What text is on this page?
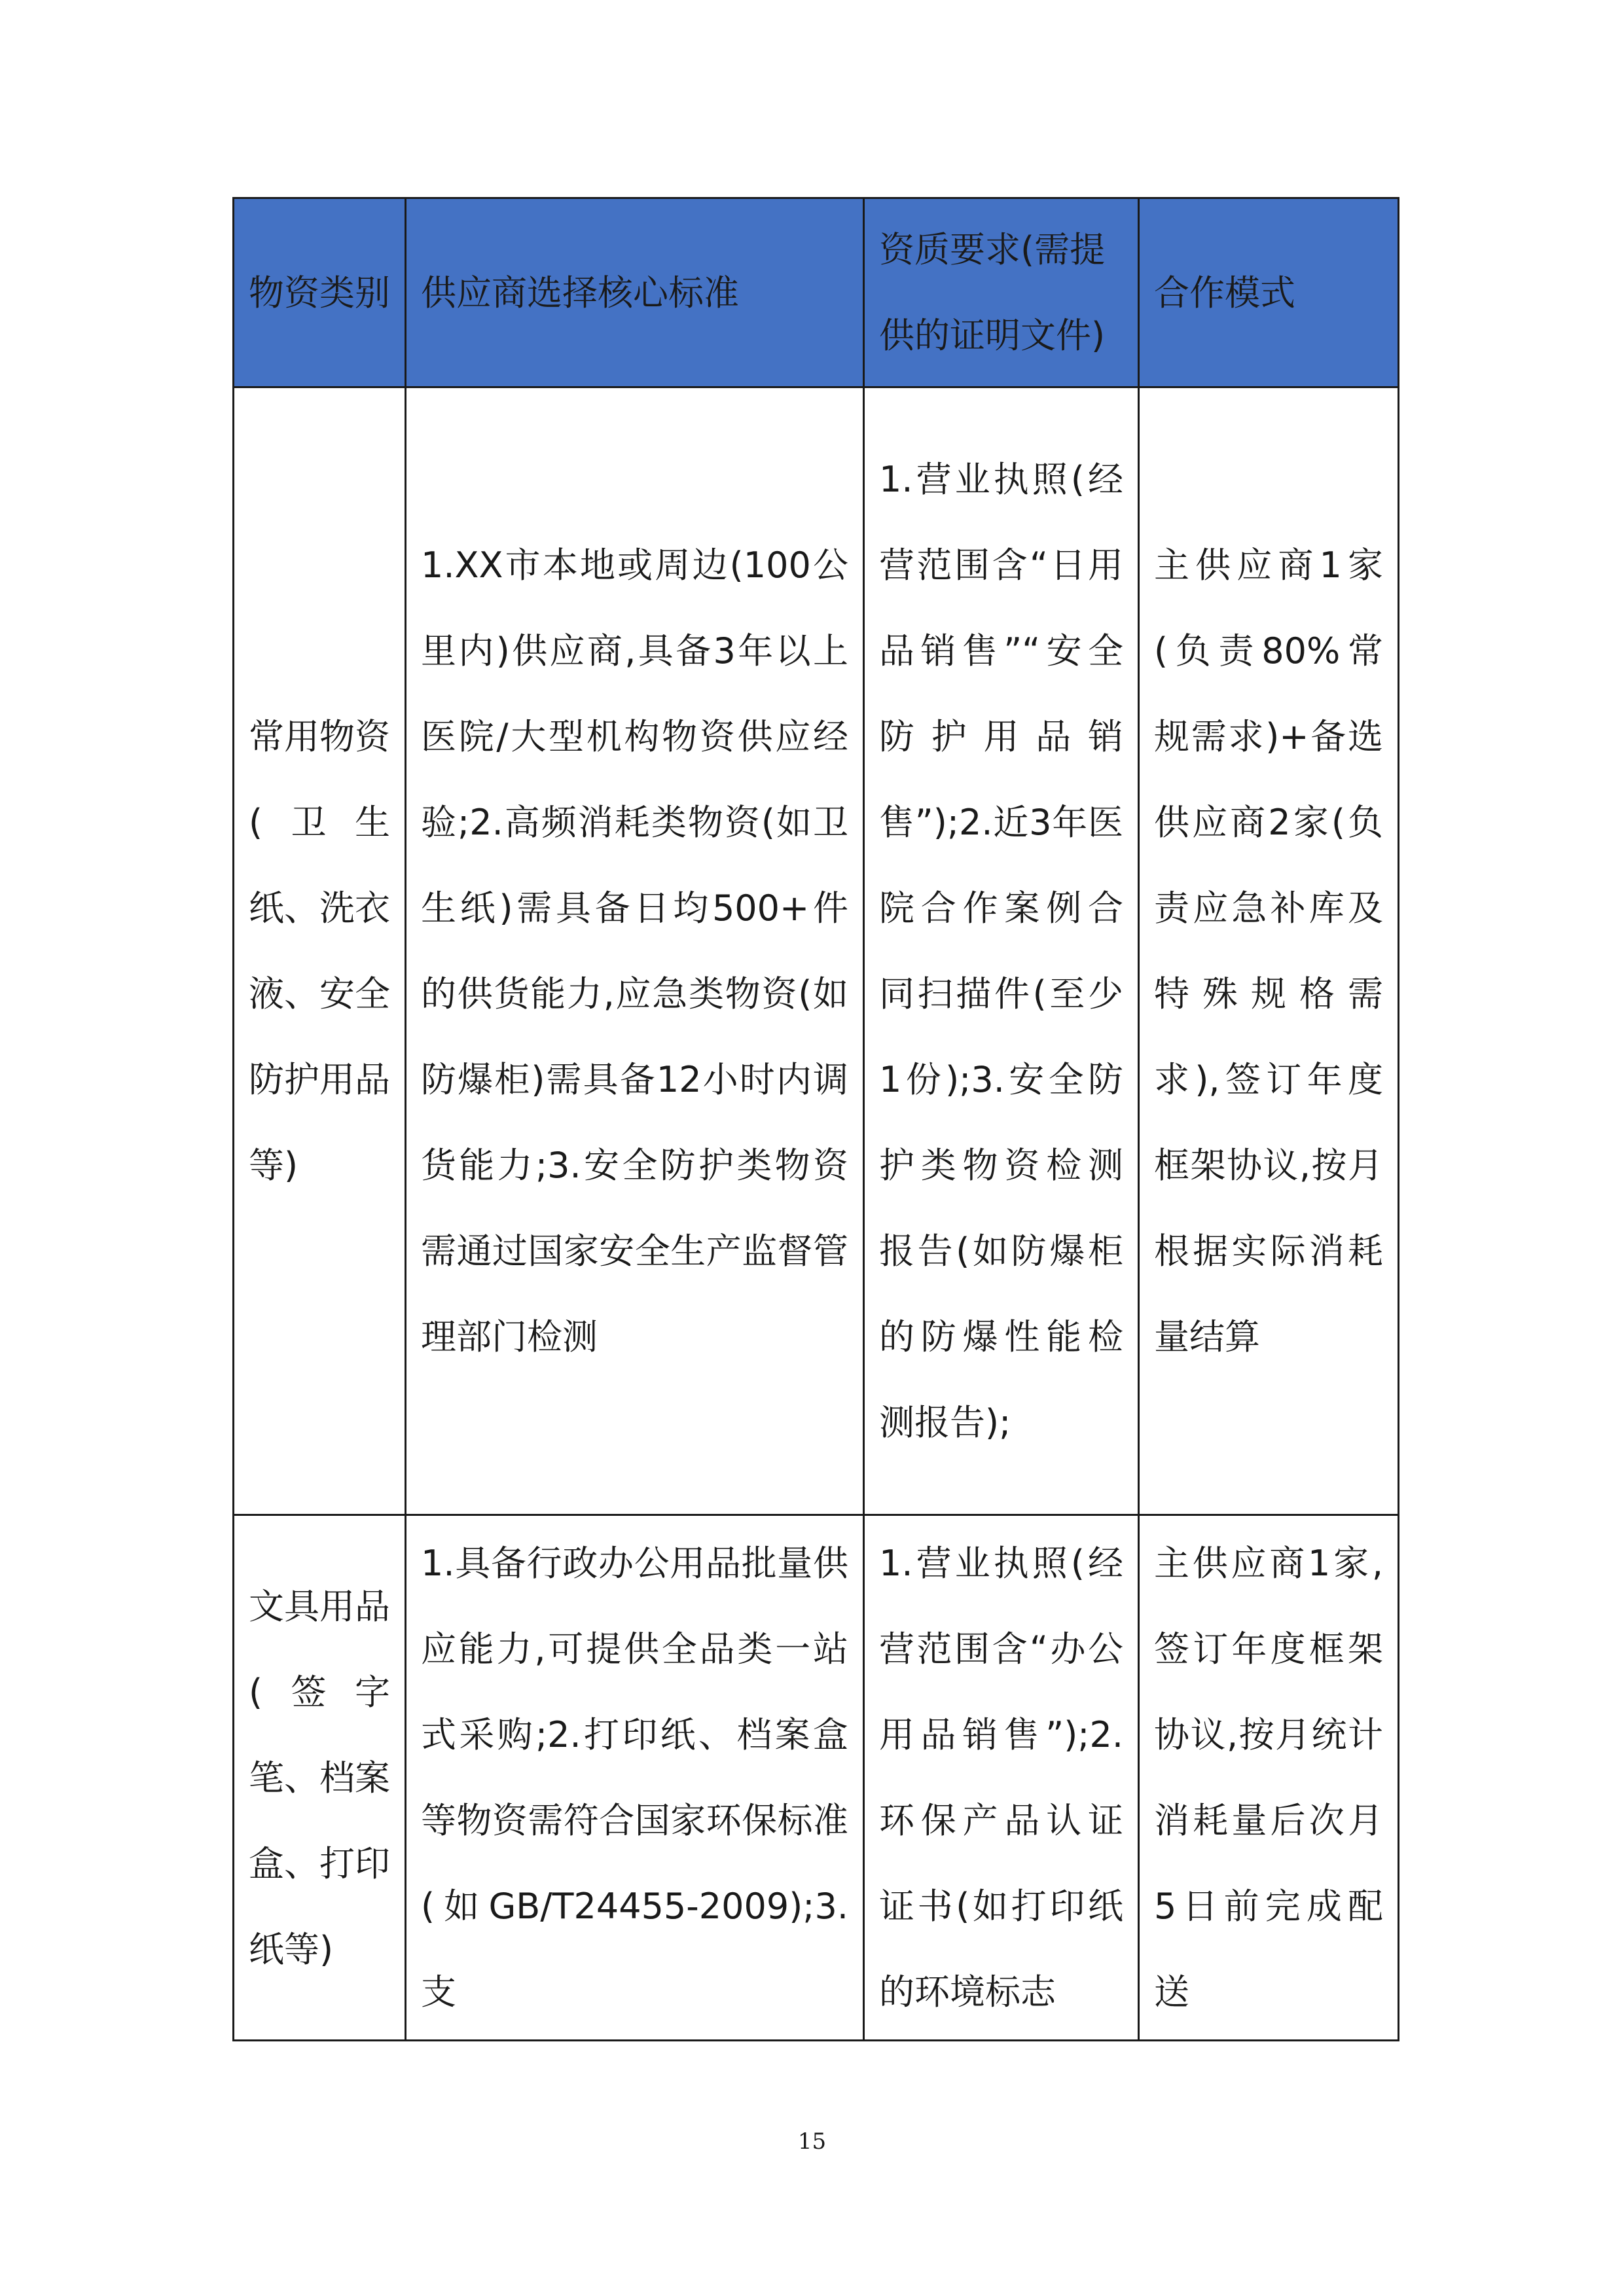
物资类别	供应商选择核心标准	资质要求(需提供的证明文件)	合作模式

常用物资(卫生纸、洗衣液、安全防护用品等)	1.XX市本地或周边(100公里内)供应商,具备3年以上医院/大型机构物资供应经验;2.高频消耗类物资(如卫生纸)需具备日均500+件的供货能力,应急类物资(如防爆柜)需具备12小时内调货能力;3.安全防护类物资需通过国家安全生产监督管理部门检测	1.营业执照(经营范围含“日用品销售”“安全防护用品销售”);2.近3年医院合作案例合同扫描件(至少1份);3.安全防护类物资检测报告(如防爆柜的防爆性能检测报告);	主供应商1家(负责80%常规需求)+备选供应商2家(负责应急补库及特殊规格需求),签订年度框架协议,按月根据实际消耗量结算

文具用品(签字笔、档案盒、打印纸等)	1.具备行政办公用品批量供应能力,可提供全品类一站式采购;2.打印纸、档案盒等物资需符合国家环保标准(如GB/T24455-2009);3.支	1.营业执照(经营范围含“办公用品销售”);2.环保产品认证证书(如打印纸的环境标志	主供应商1家,签订年度框架协议,按月统计消耗量后次月5日前完成配送
15
